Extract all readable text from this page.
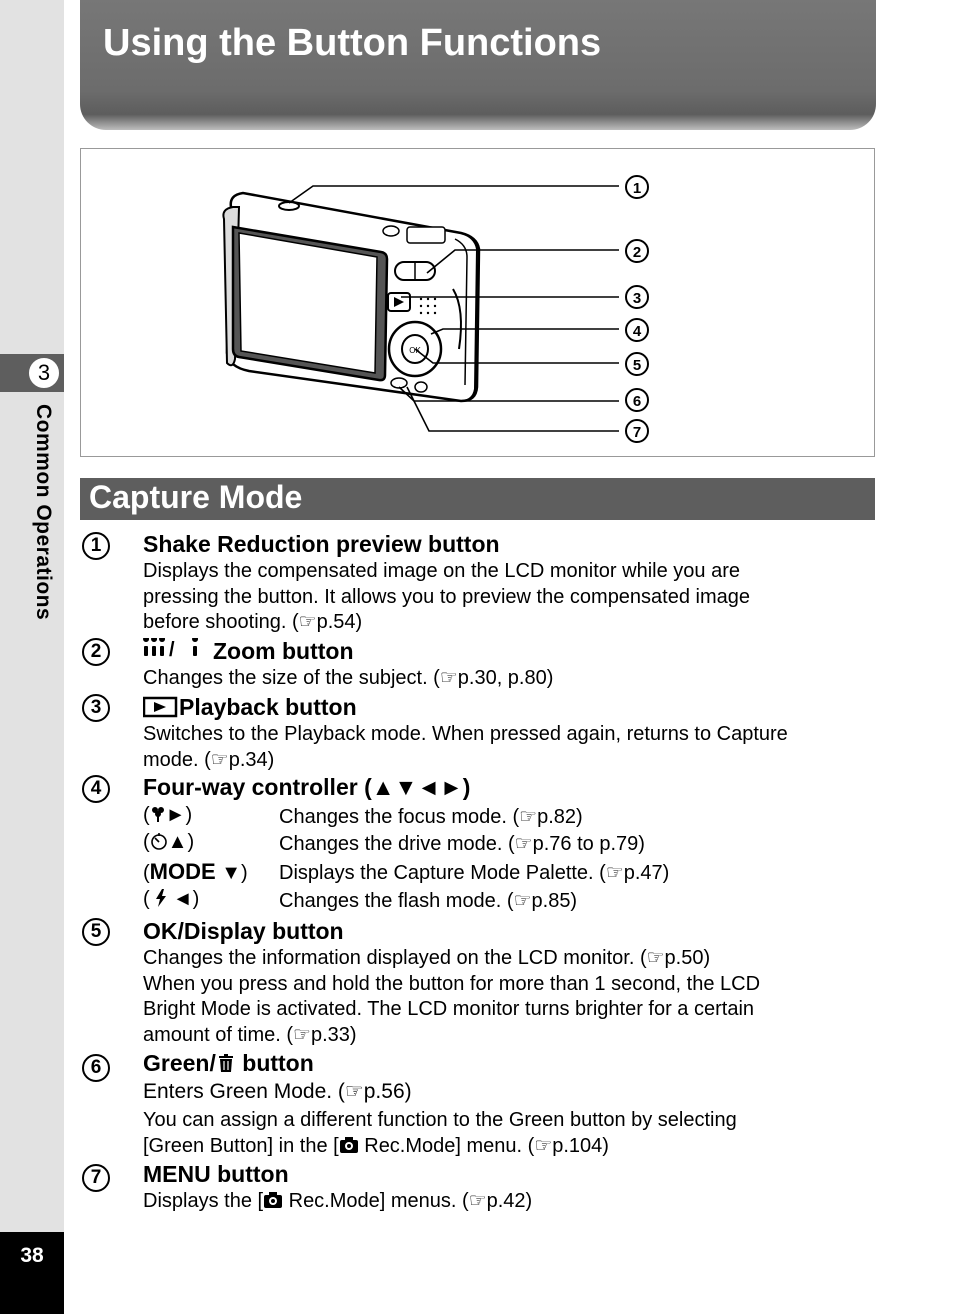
3
Common Operations
38
Using the Button Functions
OK
1
2
3
4
5
6
7
Capture Mode
1	Shake Reduction preview button
Displays the compensated image on the LCD monitor while you are
pressing the button. It allows you to preview the compensated image
before shooting. (☞p.54)
2	/ Zoom button
Changes the size of the subject. (☞p.30, p.80)
3	Playback button
Switches to the Playback mode. When pressed again, returns to Capture
mode. (☞p.34)
4	Four-way controller (▲▼◄►)
( ►)	Changes the focus mode. (☞p.82)
( ▲)	Changes the drive mode. (☞p.76 to p.79)
(MODE ▼) Displays the Capture Mode Palette. (☞p.47)
(  ◄)	Changes the flash mode. (☞p.85)
5	OK/Display button
Changes the information displayed on the LCD monitor. (☞p.50)
When you press and hold the button for more than 1 second, the LCD
Bright Mode is activated. The LCD monitor turns brighter for a certain
amount of time. (☞p.33)
6	Green/ button
Enters Green Mode. (☞p.56)
You can assign a different function to the Green button by selecting
[Green Button] in the [ Rec.Mode] menu. (☞p.104)
7	MENU button
Displays the [ Rec.Mode] menus. (☞p.42)
